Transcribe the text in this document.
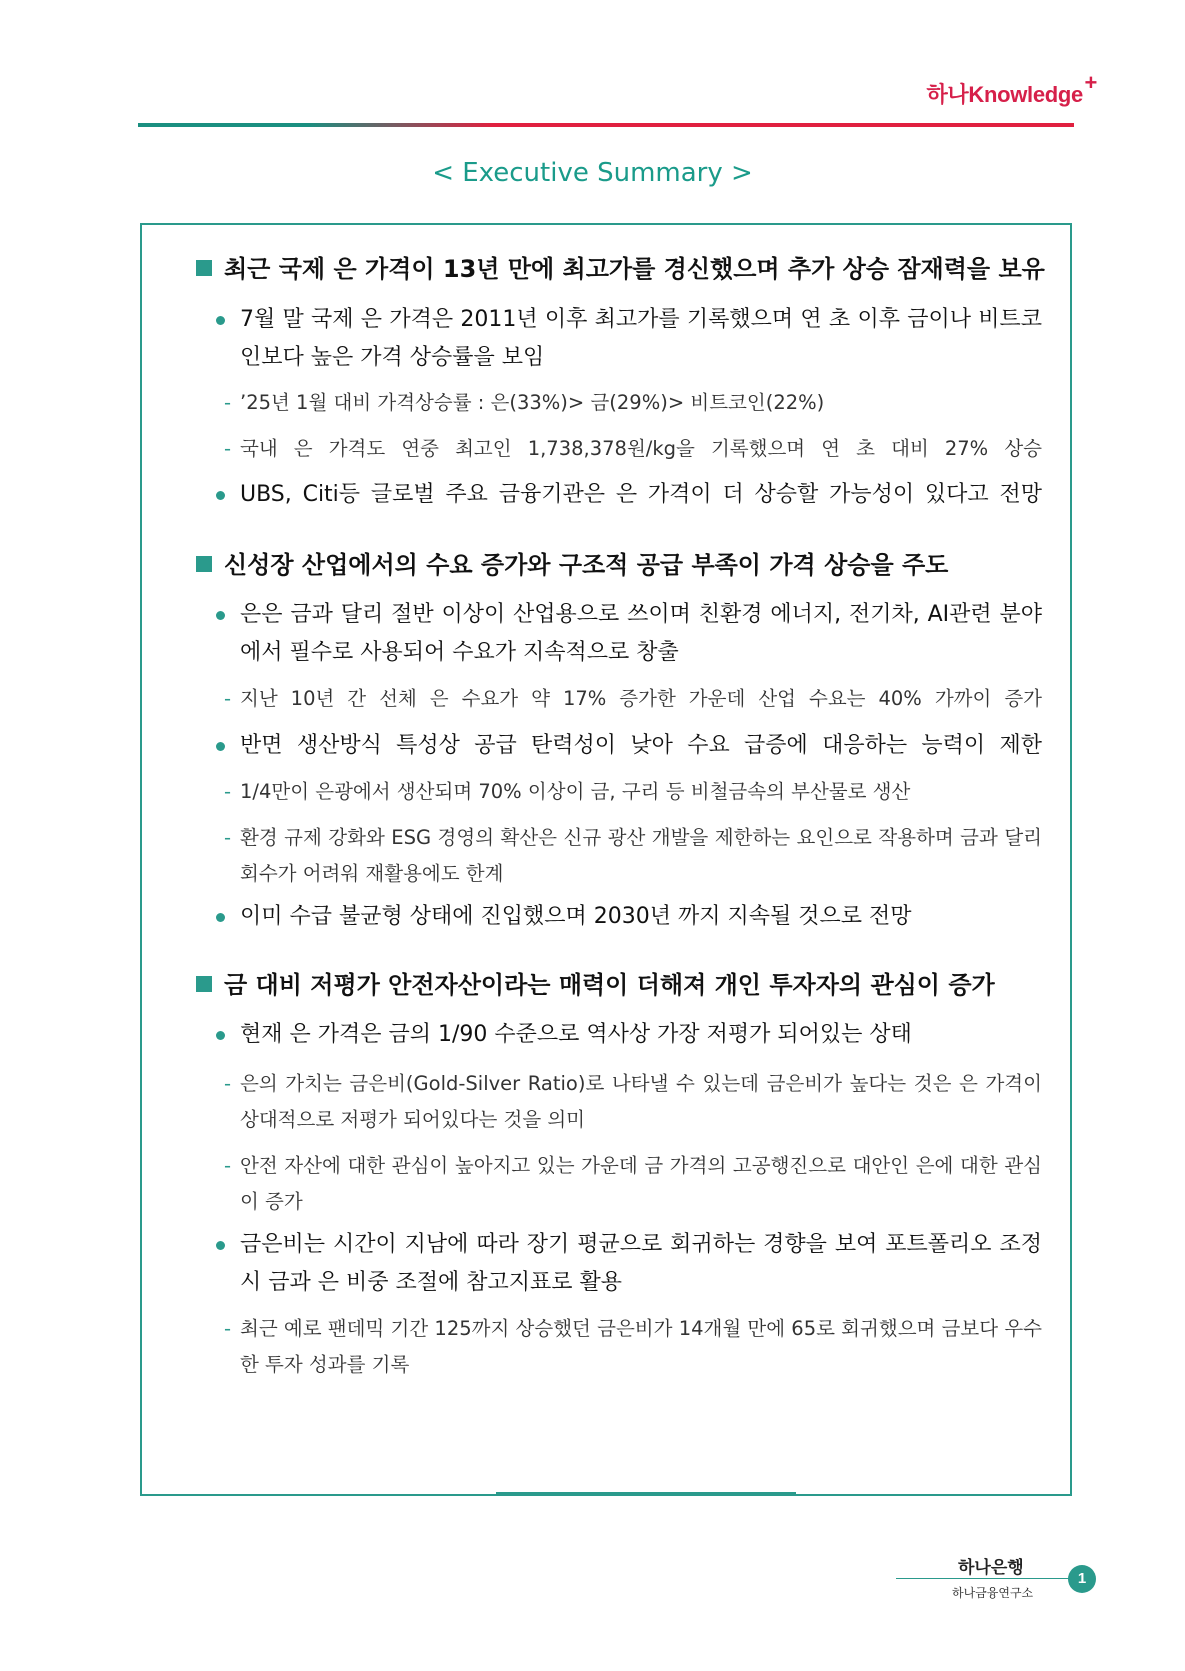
하나Knowledge +
< Executive Summary >
최근 국제 은 가격이 13년 만에 최고가를 경신했으며 추가 상승 잠재력을 보유
7월 말 국제 은 가격은 2011년 이후 최고가를 기록했으며 연 초 이후 금이나 비트코인보다 높은 가격 상승률을 보임
- ’25년 1월 대비 가격상승률 : 은(33%)> 금(29%)> 비트코인(22%)
- 국내 은 가격도 연중 최고인 1,738,378원/kg을 기록했으며 연 초 대비 27% 상승
UBS, Citi등 글로벌 주요 금융기관은 은 가격이 더 상승할 가능성이 있다고 전망
신성장 산업에서의 수요 증가와 구조적 공급 부족이 가격 상승을 주도
은은 금과 달리 절반 이상이 산업용으로 쓰이며 친환경 에너지, 전기차, AI관련 분야에서 필수로 사용되어 수요가 지속적으로 창출
- 지난 10년 간 선체 은 수요가 약 17% 증가한 가운데 산업 수요는 40% 가까이 증가
반면 생산방식 특성상 공급 탄력성이 낮아 수요 급증에 대응하는 능력이 제한
- 1/4만이 은광에서 생산되며 70% 이상이 금, 구리 등 비철금속의 부산물로 생산
- 환경 규제 강화와 ESG 경영의 확산은 신규 광산 개발을 제한하는 요인으로 작용하며 금과 달리 회수가 어려워 재활용에도 한계
이미 수급 불균형 상태에 진입했으며 2030년 까지 지속될 것으로 전망
금 대비 저평가 안전자산이라는 매력이 더해져 개인 투자자의 관심이 증가
현재 은 가격은 금의 1/90 수준으로 역사상 가장 저평가 되어있는 상태
- 은의 가치는 금은비(Gold-Silver Ratio)로 나타낼 수 있는데 금은비가 높다는 것은 은 가격이 상대적으로 저평가 되어있다는 것을 의미
- 안전 자산에 대한 관심이 높아지고 있는 가운데 금 가격의 고공행진으로 대안인 은에 대한 관심이 증가
금은비는 시간이 지남에 따라 장기 평균으로 회귀하는 경향을 보여 포트폴리오 조정 시 금과 은 비중 조절에 참고지표로 활용
- 최근 예로 팬데믹 기간 125까지 상승했던 금은비가 14개월 만에 65로 회귀했으며 금보다 우수한 투자 성과를 기록
하나은행
하나금융연구소
1
